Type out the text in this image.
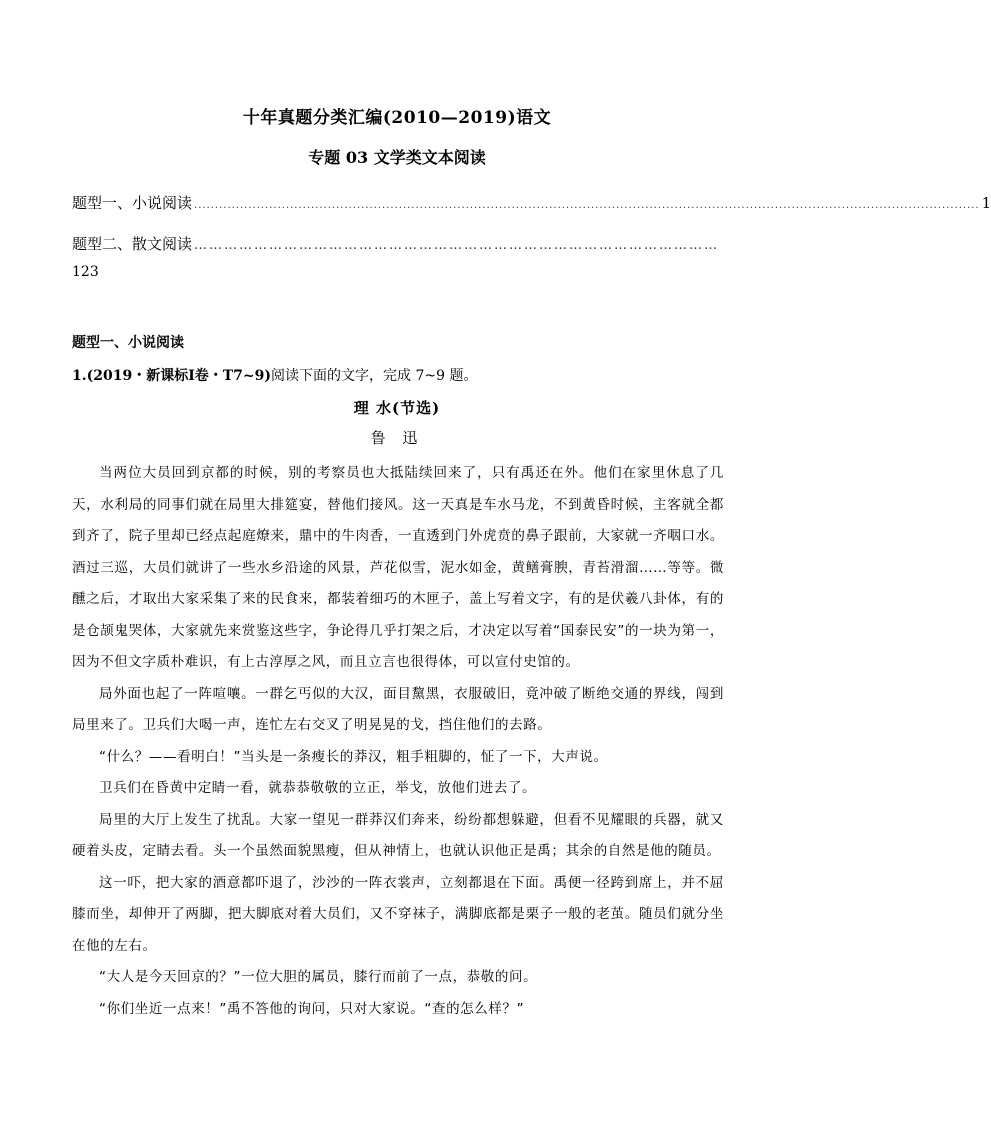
十年真题分类汇编(2010—2019)语文
专题 03 文学类文本阅读
题型一、小说阅读 ............................................................................................................................................................................................ 1
题型二、散文阅读 ……………………………………………………………………………………………
123
题型一、小说阅读
1.(2019・新课标Ⅰ卷・T7~9)阅读下面的文字，完成 7~9 题。
理 水(节选)
鲁 迅

当两位大员回到京都的时候，别的考察员也大抵陆续回来了，只有禹还在外。他们在家里休息了几天，水利局的同事们就在局里大排筵宴，替他们接风。这一天真是车水马龙，不到黄昏时候，主客就全都到齐了，院子里却已经点起庭燎来，鼎中的牛肉香，一直透到门外虎贲的鼻子跟前，大家就一齐咽口水。酒过三巡，大员们就讲了一些水乡沿途的风景，芦花似雪，泥水如金，黄鳝膏腴，青苔滑溜……等等。微醺之后，才取出大家采集了来的民食来，都装着细巧的木匣子，盖上写着文字，有的是伏羲八卦体，有的是仓颉鬼哭体，大家就先来赏鉴这些字，争论得几乎打架之后，才决定以写着“国泰民安”的一块为第一，因为不但文字质朴难识，有上古淳厚之风，而且立言也很得体，可以宣付史馆的。

局外面也起了一阵喧嚷。一群乞丐似的大汉，面目黧黑，衣服破旧，竟冲破了断绝交通的界线，闯到局里来了。卫兵们大喝一声，连忙左右交叉了明晃晃的戈，挡住他们的去路。

“什么？——看明白！”当头是一条瘦长的莽汉，粗手粗脚的，怔了一下，大声说。

卫兵们在昏黄中定睛一看，就恭恭敬敬的立正，举戈，放他们进去了。

局里的大厅上发生了扰乱。大家一望见一群莽汉们奔来，纷纷都想躲避，但看不见耀眼的兵器，就又硬着头皮，定睛去看。头一个虽然面貌黑瘦，但从神情上，也就认识他正是禹；其余的自然是他的随员。

这一吓，把大家的酒意都吓退了，沙沙的一阵衣裳声，立刻都退在下面。禹便一径跨到席上，并不屈膝而坐，却伸开了两脚，把大脚底对着大员们，又不穿袜子，满脚底都是栗子一般的老茧。随员们就分坐在他的左右。

“大人是今天回京的？”一位大胆的属员，膝行而前了一点，恭敬的问。

“你们坐近一点来！”禹不答他的询问，只对大家说。“查的怎么样？”
